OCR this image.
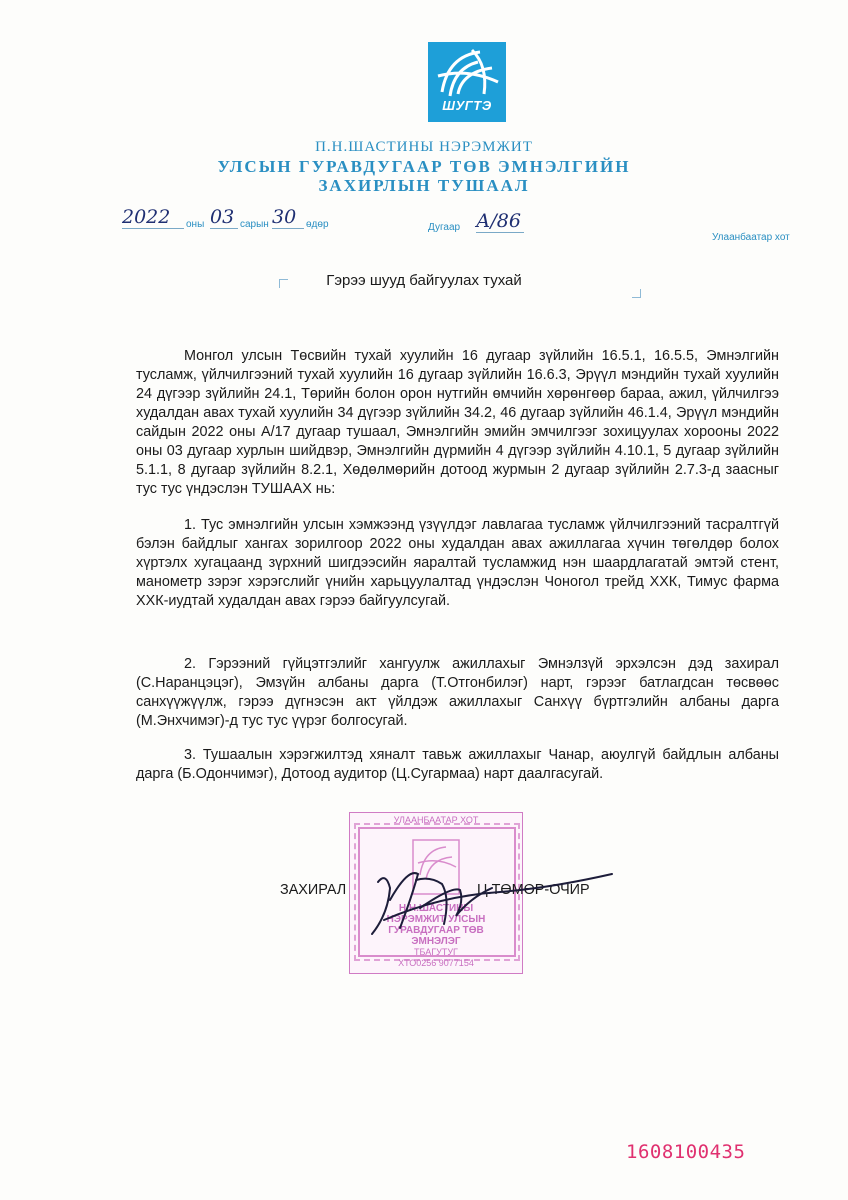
ШУГТЭ
П.Н.ШАСТИНЫ НЭРЭМЖИТ
УЛСЫН ГУРАВДУГААР ТӨВ ЭМНЭЛГИЙН
ЗАХИРЛЫН ТУШААЛ
2022	оны 03 сарын 30 өдөр	Дугаар А/86
Улаанбаатар хот
Гэрээ шууд байгуулах тухай
Монгол улсын Төсвийн тухай хуулийн 16 дугаар зүйлийн 16.5.1, 16.5.5, Эмнэлгийн тусламж, үйлчилгээний тухай хуулийн 16 дугаар зүйлийн 16.6.3, Эрүүл мэндийн тухай хуулийн 24 дүгээр зүйлийн 24.1, Төрийн болон орон нутгийн өмчийн хөрөнгөөр бараа, ажил, үйлчилгээ худалдан авах тухай хуулийн 34 дүгээр зүйлийн 34.2, 46 дугаар зүйлийн 46.1.4, Эрүүл мэндийн сайдын 2022 оны А/17 дугаар тушаал, Эмнэлгийн эмийн эмчилгээг зохицуулах хорооны 2022 оны 03 дугаар хурлын шийдвэр, Эмнэлгийн дүрмийн 4 дүгээр зүйлийн 4.10.1, 5 дугаар зүйлийн 5.1.1, 8 дугаар зүйлийн 8.2.1, Хөдөлмөрийн дотоод журмын 2 дугаар зүйлийн 2.7.3-д заасныг тус тус үндэслэн ТУШААХ нь:
1. Тус эмнэлгийн улсын хэмжээнд үзүүлдэг лавлагаа тусламж үйлчилгээний тасралтгүй бэлэн байдлыг хангах зорилгоор 2022 оны худалдан авах ажиллагаа хүчин төгөлдөр болох хүртэлх хугацаанд зүрхний шигдээсийн яаралтай тусламжид нэн шаардлагатай эмтэй стент, манометр зэрэг хэрэгслийг үнийн харьцуулалтад үндэслэн Чоногол трейд ХХК, Тимус фарма ХХК-иудтай худалдан авах гэрээ байгуулсугай.
2. Гэрээний гүйцэтгэлийг хангуулж ажиллахыг Эмнэлзүй эрхэлсэн дэд захирал (С.Наранцэцэг), Эмзүйн албаны дарга (Т.Отгонбилэг) нарт, гэрээг батлагдсан төсвөөс санхүүжүүлж, гэрээ дүгнэсэн акт үйлдэж ажиллахыг Санхүү бүртгэлийн албаны дарга (М.Энхчимэг)-д тус тус үүрэг болгосугай.
3. Тушаалын хэрэгжилтэд хяналт тавьж ажиллахыг Чанар, аюулгүй байдлын албаны дарга (Б.Одончимэг), Дотоод аудитор (Ц.Сугармаа) нарт даалгасугай.
УЛААНБААТАР ХОТ
Н.Н.ШАСТИНЫ
НЭРЭМЖИТ УЛСЫН
ГУРАВДУГААР ТӨВ
ЭМНЭЛЭГ
ТБАГУТУГ
ХТО0256 9077154
ЗАХИРАЛ	Ц.ТӨМӨР-ОЧИР
1608100435
